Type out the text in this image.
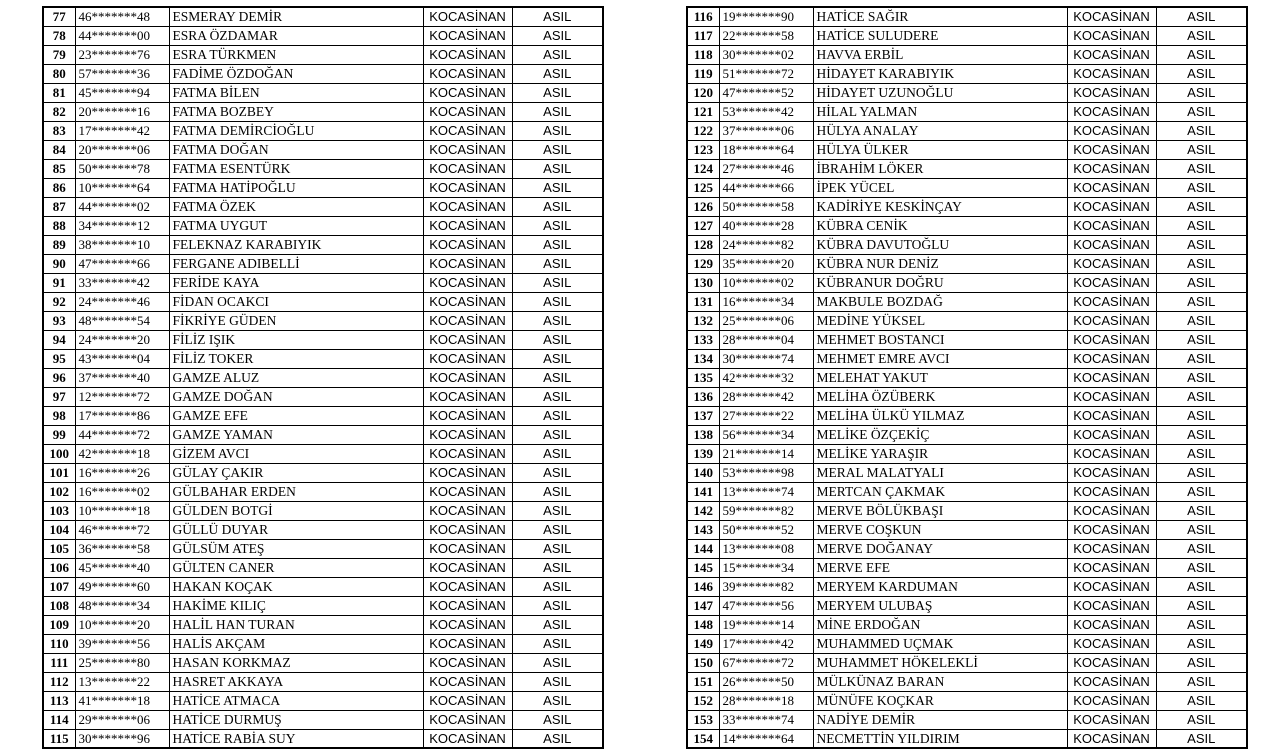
77	46*******48	ESMERAY DEMİR	KOCASİNAN	ASIL
78	44*******00	ESRA ÖZDAMAR	KOCASİNAN	ASIL
79	23*******76	ESRA TÜRKMEN	KOCASİNAN	ASIL
80	57*******36	FADİME ÖZDOĞAN	KOCASİNAN	ASIL
81	45*******94	FATMA BİLEN	KOCASİNAN	ASIL
82	20*******16	FATMA BOZBEY	KOCASİNAN	ASIL
83	17*******42	FATMA DEMİRCİOĞLU	KOCASİNAN	ASIL
84	20*******06	FATMA DOĞAN	KOCASİNAN	ASIL
85	50*******78	FATMA ESENTÜRK	KOCASİNAN	ASIL
86	10*******64	FATMA HATİPOĞLU	KOCASİNAN	ASIL
87	44*******02	FATMA ÖZEK	KOCASİNAN	ASIL
88	34*******12	FATMA UYGUT	KOCASİNAN	ASIL
89	38*******10	FELEKNAZ KARABIYIK	KOCASİNAN	ASIL
90	47*******66	FERGANE ADIBELLİ	KOCASİNAN	ASIL
91	33*******42	FERİDE KAYA	KOCASİNAN	ASIL
92	24*******46	FİDAN OCAKCI	KOCASİNAN	ASIL
93	48*******54	FİKRİYE GÜDEN	KOCASİNAN	ASIL
94	24*******20	FİLİZ IŞIK	KOCASİNAN	ASIL
95	43*******04	FİLİZ TOKER	KOCASİNAN	ASIL
96	37*******40	GAMZE ALUZ	KOCASİNAN	ASIL
97	12*******72	GAMZE DOĞAN	KOCASİNAN	ASIL
98	17*******86	GAMZE EFE	KOCASİNAN	ASIL
99	44*******72	GAMZE YAMAN	KOCASİNAN	ASIL
100	42*******18	GİZEM AVCI	KOCASİNAN	ASIL
101	16*******26	GÜLAY ÇAKIR	KOCASİNAN	ASIL
102	16*******02	GÜLBAHAR ERDEN	KOCASİNAN	ASIL
103	10*******18	GÜLDEN BOTGİ	KOCASİNAN	ASIL
104	46*******72	GÜLLÜ DUYAR	KOCASİNAN	ASIL
105	36*******58	GÜLSÜM ATEŞ	KOCASİNAN	ASIL
106	45*******40	GÜLTEN CANER	KOCASİNAN	ASIL
107	49*******60	HAKAN KOÇAK	KOCASİNAN	ASIL
108	48*******34	HAKİME KILIÇ	KOCASİNAN	ASIL
109	10*******20	HALİL HAN TURAN	KOCASİNAN	ASIL
110	39*******56	HALİS AKÇAM	KOCASİNAN	ASIL
111	25*******80	HASAN KORKMAZ	KOCASİNAN	ASIL
112	13*******22	HASRET AKKAYA	KOCASİNAN	ASIL
113	41*******18	HATİCE ATMACA	KOCASİNAN	ASIL
114	29*******06	HATİCE DURMUŞ	KOCASİNAN	ASIL
115	30*******96	HATİCE RABİA SUY	KOCASİNAN	ASIL
116	19*******90	HATİCE SAĞIR	KOCASİNAN	ASIL
117	22*******58	HATİCE SULUDERE	KOCASİNAN	ASIL
118	30*******02	HAVVA ERBİL	KOCASİNAN	ASIL
119	51*******72	HİDAYET KARABIYIK	KOCASİNAN	ASIL
120	47*******52	HİDAYET UZUNOĞLU	KOCASİNAN	ASIL
121	53*******42	HİLAL YALMAN	KOCASİNAN	ASIL
122	37*******06	HÜLYA ANALAY	KOCASİNAN	ASIL
123	18*******64	HÜLYA ÜLKER	KOCASİNAN	ASIL
124	27*******46	İBRAHİM LÖKER	KOCASİNAN	ASIL
125	44*******66	İPEK YÜCEL	KOCASİNAN	ASIL
126	50*******58	KADİRİYE KESKİNÇAY	KOCASİNAN	ASIL
127	40*******28	KÜBRA CENİK	KOCASİNAN	ASIL
128	24*******82	KÜBRA DAVUTOĞLU	KOCASİNAN	ASIL
129	35*******20	KÜBRA NUR DENİZ	KOCASİNAN	ASIL
130	10*******02	KÜBRANUR DOĞRU	KOCASİNAN	ASIL
131	16*******34	MAKBULE BOZDAĞ	KOCASİNAN	ASIL
132	25*******06	MEDİNE YÜKSEL	KOCASİNAN	ASIL
133	28*******04	MEHMET BOSTANCI	KOCASİNAN	ASIL
134	30*******74	MEHMET EMRE AVCI	KOCASİNAN	ASIL
135	42*******32	MELEHAT YAKUT	KOCASİNAN	ASIL
136	28*******42	MELİHA ÖZÜBERK	KOCASİNAN	ASIL
137	27*******22	MELİHA ÜLKÜ YILMAZ	KOCASİNAN	ASIL
138	56*******34	MELİKE ÖZÇEKİÇ	KOCASİNAN	ASIL
139	21*******14	MELİKE YARAŞIR	KOCASİNAN	ASIL
140	53*******98	MERAL MALATYALI	KOCASİNAN	ASIL
141	13*******74	MERTCAN ÇAKMAK	KOCASİNAN	ASIL
142	59*******82	MERVE BÖLÜKBAŞI	KOCASİNAN	ASIL
143	50*******52	MERVE COŞKUN	KOCASİNAN	ASIL
144	13*******08	MERVE DOĞANAY	KOCASİNAN	ASIL
145	15*******34	MERVE EFE	KOCASİNAN	ASIL
146	39*******82	MERYEM KARDUMAN	KOCASİNAN	ASIL
147	47*******56	MERYEM ULUBAŞ	KOCASİNAN	ASIL
148	19*******14	MİNE ERDOĞAN	KOCASİNAN	ASIL
149	17*******42	MUHAMMED UÇMAK	KOCASİNAN	ASIL
150	67*******72	MUHAMMET HÖKELEKLİ	KOCASİNAN	ASIL
151	26*******50	MÜLKÜNAZ BARAN	KOCASİNAN	ASIL
152	28*******18	MÜNÜFE KOÇKAR	KOCASİNAN	ASIL
153	33*******74	NADİYE DEMİR	KOCASİNAN	ASIL
154	14*******64	NECMETTİN YILDIRIM	KOCASİNAN	ASIL
